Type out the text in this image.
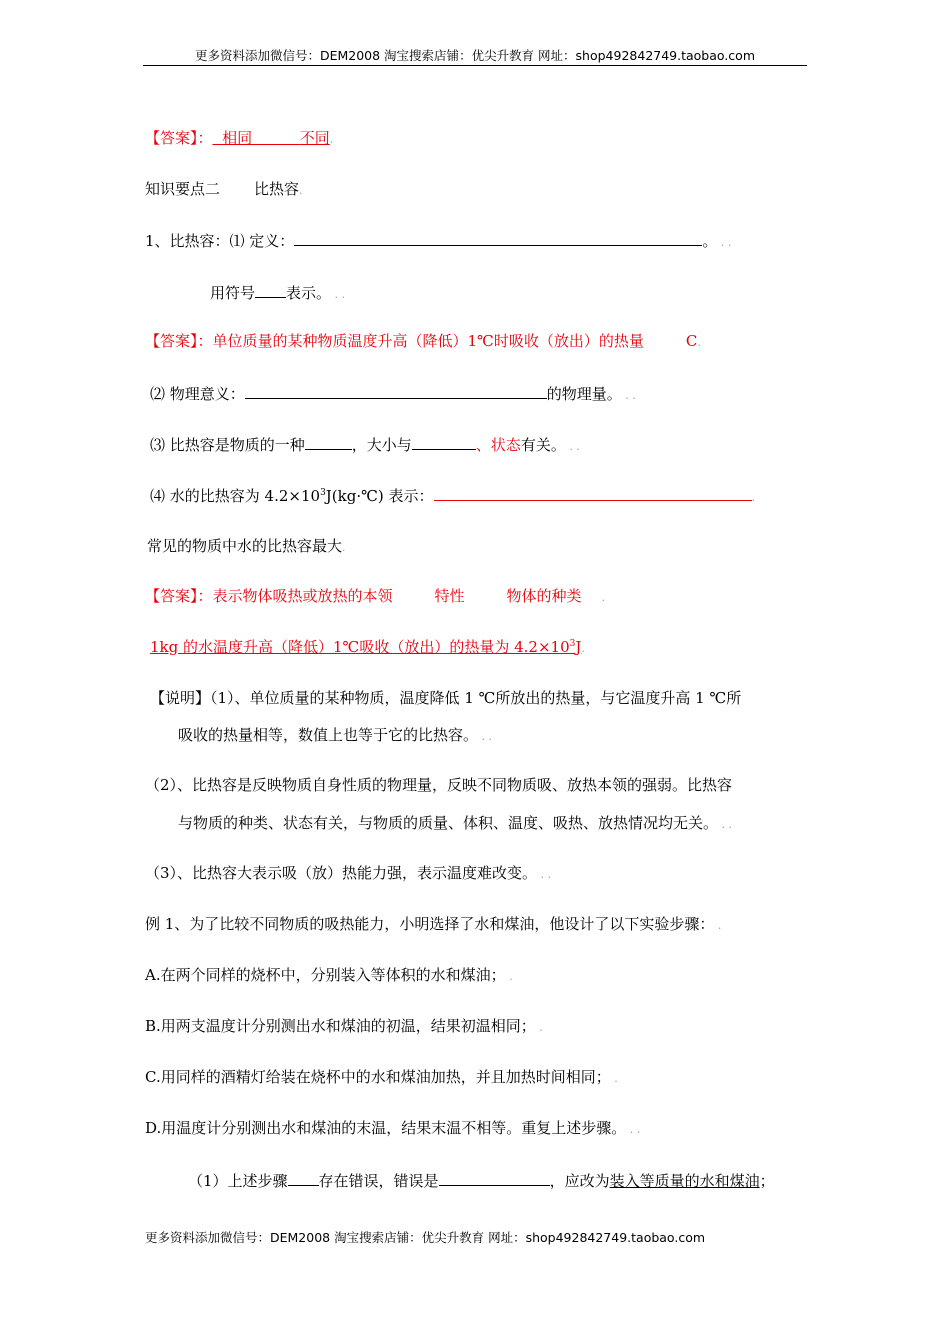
更多资料添加微信号：DEM2008 淘宝搜索店铺：优尖升教育 网址：shop492842749.taobao.com
【答案】： 相同	不同.
知识要点二 比热容.
1、比热容：⑴ 定义：	。 . .
用符号 表示。 . .
【答案】：单位质量的某种物质温度升高（降低）1℃时吸收（放出）的热量	C.
⑵ 物理意义：	的物理量。 . .
⑶ 比热容是物质的一种	，大小与	、状态有关。 . .
⑷ 水的比热容为 $4.2\times 10^3J(kg\cdot℃)$ 表示：	.
常见的物质中水的比热容最大.
【答案】：表示物体吸热或放热的本领	特性	物体的种类 .
1kg 的水温度升高（降低）1℃吸收（放出）的热量为 $4.2\times 10^3J$.
【说明】（1）、单位质量的某种物质，温度降低 1 ℃所放出的热量，与它温度升高 1 ℃所
吸收的热量相等，数值上也等于它的比热容。 . .
（2）、比热容是反映物质自身性质的物理量，反映不同物质吸、放热本领的强弱。比热容
与物质的种类、状态有关，与物质的质量、体积、温度、吸热、放热情况均无关。 . .
（3）、比热容大表示吸（放）热能力强，表示温度难改变。 . .
例 1、为了比较不同物质的吸热能力，小明选择了水和煤油，他设计了以下实验步骤： .
A.在两个同样的烧杯中，分别装入等体积的水和煤油； .
B.用两支温度计分别测出水和煤油的初温，结果初温相同； .
C.用同样的酒精灯给装在烧杯中的水和煤油加热，并且加热时间相同； .
D.用温度计分别测出水和煤油的末温，结果末温不相等。重复上述步骤。 . .
（1）上述步骤 存在错误，错误是	，应改为装入等质量的水和煤油；
更多资料添加微信号：DEM2008 淘宝搜索店铺：优尖升教育 网址：shop492842749.taobao.com
